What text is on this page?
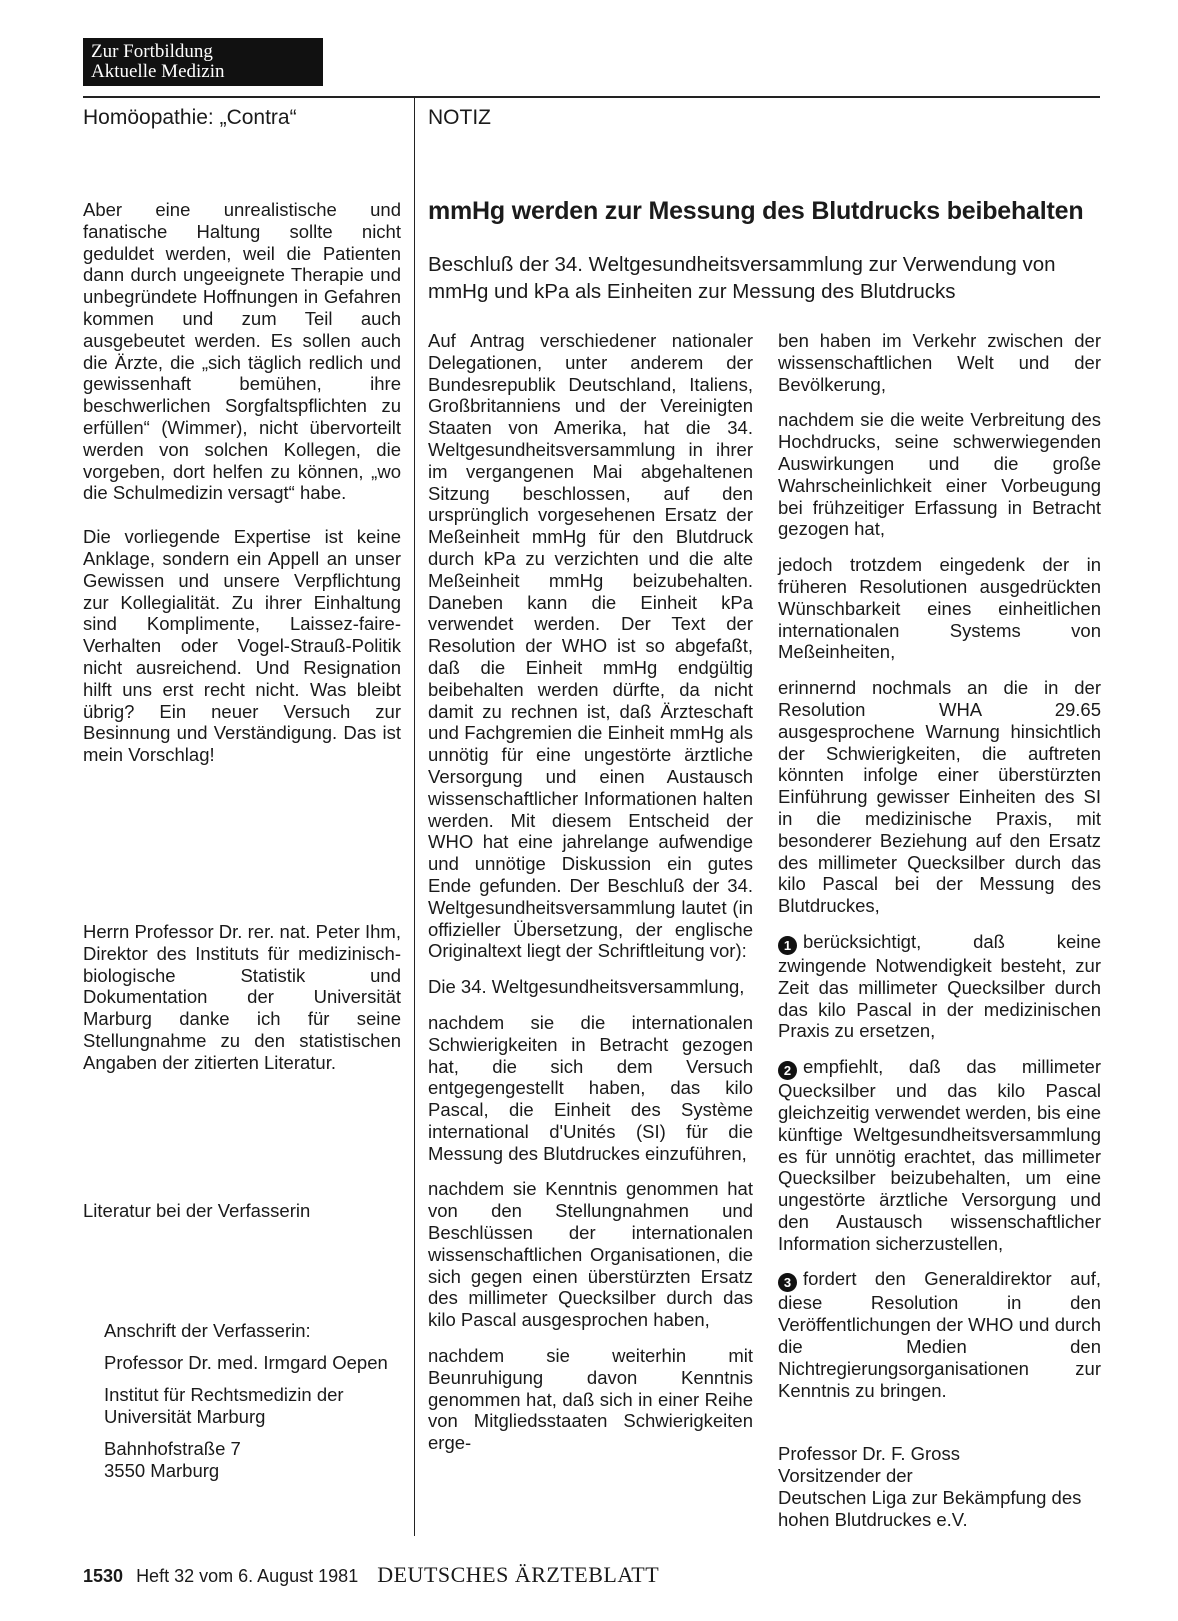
Zur Fortbildung
Aktuelle Medizin
Homöopathie: „Contra“	NOTIZ

Aber eine unrealistische und fanatische Haltung sollte nicht geduldet werden, weil die Patienten dann durch ungeeignete Therapie und unbegründete Hoffnungen in Gefahren kommen und zum Teil auch ausgebeutet werden. Es sollen auch die Ärzte, die „sich täglich redlich und gewissenhaft bemühen, ihre beschwerlichen Sorgfaltspflichten zu erfüllen“ (Wimmer), nicht übervorteilt werden von solchen Kollegen, die vorgeben, dort helfen zu können, „wo die Schulmedizin versagt“ habe.

Die vorliegende Expertise ist keine Anklage, sondern ein Appell an unser Gewissen und unsere Verpflichtung zur Kollegialität. Zu ihrer Einhaltung sind Komplimente, Laissez-faire-Verhalten oder Vogel-Strauß-Politik nicht ausreichend. Und Resignation hilft uns erst recht nicht. Was bleibt übrig? Ein neuer Versuch zur Besinnung und Verständigung. Das ist mein Vorschlag!

Herrn Professor Dr. rer. nat. Peter Ihm, Direktor des Instituts für medizinisch-biologische Statistik und Dokumentation der Universität Marburg danke ich für seine Stellungnahme zu den statistischen Angaben der zitierten Literatur.

Literatur bei der Verfasserin

Anschrift der Verfasserin:

Professor Dr. med. Irmgard Oepen

Institut für Rechtsmedizin der

Universität Marburg

Bahnhofstraße 7

3550 Marburg

mmHg werden zur Messung des Blutdrucks beibehalten
Beschluß der 34. Weltgesundheitsversammlung zur Verwendung von mmHg und kPa als Einheiten zur Messung des Blutdrucks

Auf Antrag verschiedener nationaler Delegationen, unter anderem der Bundesrepublik Deutschland, Italiens, Großbritanniens und der Vereinigten Staaten von Amerika, hat die 34. Weltgesundheitsversammlung in ihrer im vergangenen Mai abgehaltenen Sitzung beschlossen, auf den ursprünglich vorgesehenen Ersatz der Meßeinheit mmHg für den Blutdruck durch kPa zu verzichten und die alte Meßeinheit mmHg beizubehalten. Daneben kann die Einheit kPa verwendet werden. Der Text der Resolution der WHO ist so abgefaßt, daß die Einheit mmHg endgültig beibehalten werden dürfte, da nicht damit zu rechnen ist, daß Ärzteschaft und Fachgremien die Einheit mmHg als unnötig für eine ungestörte ärztliche Versorgung und einen Austausch wissenschaftlicher Informationen halten werden. Mit diesem Entscheid der WHO hat eine jahrelange aufwendige und unnötige Diskussion ein gutes Ende gefunden. Der Beschluß der 34. Weltgesundheitsversammlung lautet (in offizieller Übersetzung, der englische Originaltext liegt der Schriftleitung vor):

Die 34. Weltgesundheitsversammlung,

nachdem sie die internationalen Schwierigkeiten in Betracht gezogen hat, die sich dem Versuch entgegengestellt haben, das kilo Pascal, die Einheit des Système international d'Unités (SI) für die Messung des Blutdruckes einzuführen,

nachdem sie Kenntnis genommen hat von den Stellungnahmen und Beschlüssen der internationalen wissenschaftlichen Organisationen, die sich gegen einen überstürzten Ersatz des millimeter Quecksilber durch das kilo Pascal ausgesprochen haben,

nachdem sie weiterhin mit Beunruhigung davon Kenntnis genommen hat, daß sich in einer Reihe von Mitgliedsstaaten Schwierigkeiten erge-

ben haben im Verkehr zwischen der wissenschaftlichen Welt und der Bevölkerung,

nachdem sie die weite Verbreitung des Hochdrucks, seine schwerwiegenden Auswirkungen und die große Wahrscheinlichkeit einer Vorbeugung bei frühzeitiger Erfassung in Betracht gezogen hat,

jedoch trotzdem eingedenk der in früheren Resolutionen ausgedrückten Wünschbarkeit eines einheitlichen internationalen Systems von Meßeinheiten,

erinnernd nochmals an die in der Resolution WHA 29.65 ausgesprochene Warnung hinsichtlich der Schwierigkeiten, die auftreten könnten infolge einer überstürzten Einführung gewisser Einheiten des SI in die medizinische Praxis, mit besonderer Beziehung auf den Ersatz des millimeter Quecksilber durch das kilo Pascal bei der Messung des Blutdruckes,

1 berücksichtigt, daß keine zwingende Notwendigkeit besteht, zur Zeit das millimeter Quecksilber durch das kilo Pascal in der medizinischen Praxis zu ersetzen,

2 empfiehlt, daß das millimeter Quecksilber und das kilo Pascal gleichzeitig verwendet werden, bis eine künftige Weltgesundheitsversammlung es für unnötig erachtet, das millimeter Quecksilber beizubehalten, um eine ungestörte ärztliche Versorgung und den Austausch wissenschaftlicher Information sicherzustellen,

3 fordert den Generaldirektor auf, diese Resolution in den Veröffentlichungen der WHO und durch die Medien den Nichtregierungsorganisationen zur Kenntnis zu bringen.

Professor Dr. F. Gross

Vorsitzender der

Deutschen Liga zur Bekämpfung des

hohen Blutdruckes e.V.

1530 Heft 32 vom 6. August 1981 DEUTSCHES ÄRZTEBLATT
